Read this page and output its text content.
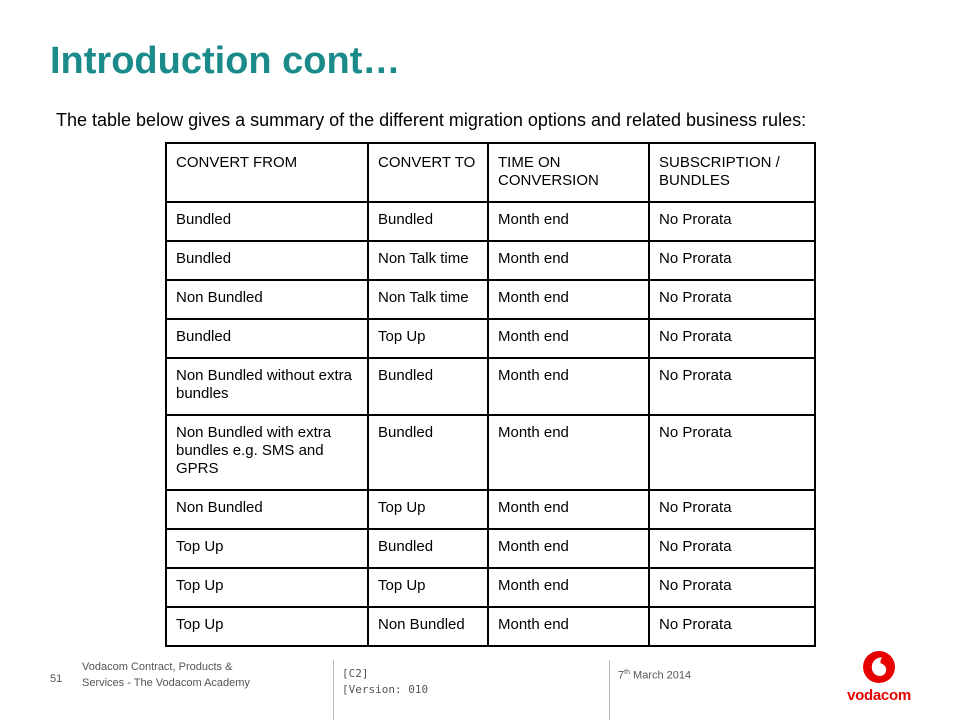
Introduction cont…

The table below gives a summary of the different migration options and related business rules:

CONVERT FROM	CONVERT TO	TIME ON CONVERSION	SUBSCRIPTION / BUNDLES
Bundled	Bundled	Month end	No Prorata
Bundled	Non Talk time	Month end	No Prorata
Non Bundled	Non Talk time	Month end	No Prorata
Bundled	Top Up	Month end	No Prorata
Non Bundled without extra bundles	Bundled	Month end	No Prorata
Non Bundled with extra bundles e.g. SMS and GPRS	Bundled	Month end	No Prorata
Non Bundled	Top Up	Month end	No Prorata
Top Up	Bundled	Month end	No Prorata
Top Up	Top Up	Month end	No Prorata
Top Up	Non Bundled	Month end	No Prorata
51
Vodacom Contract, Products &
Services - The Vodacom Academy
[C2]
[Version: 010
7th March 2014
vodacom
